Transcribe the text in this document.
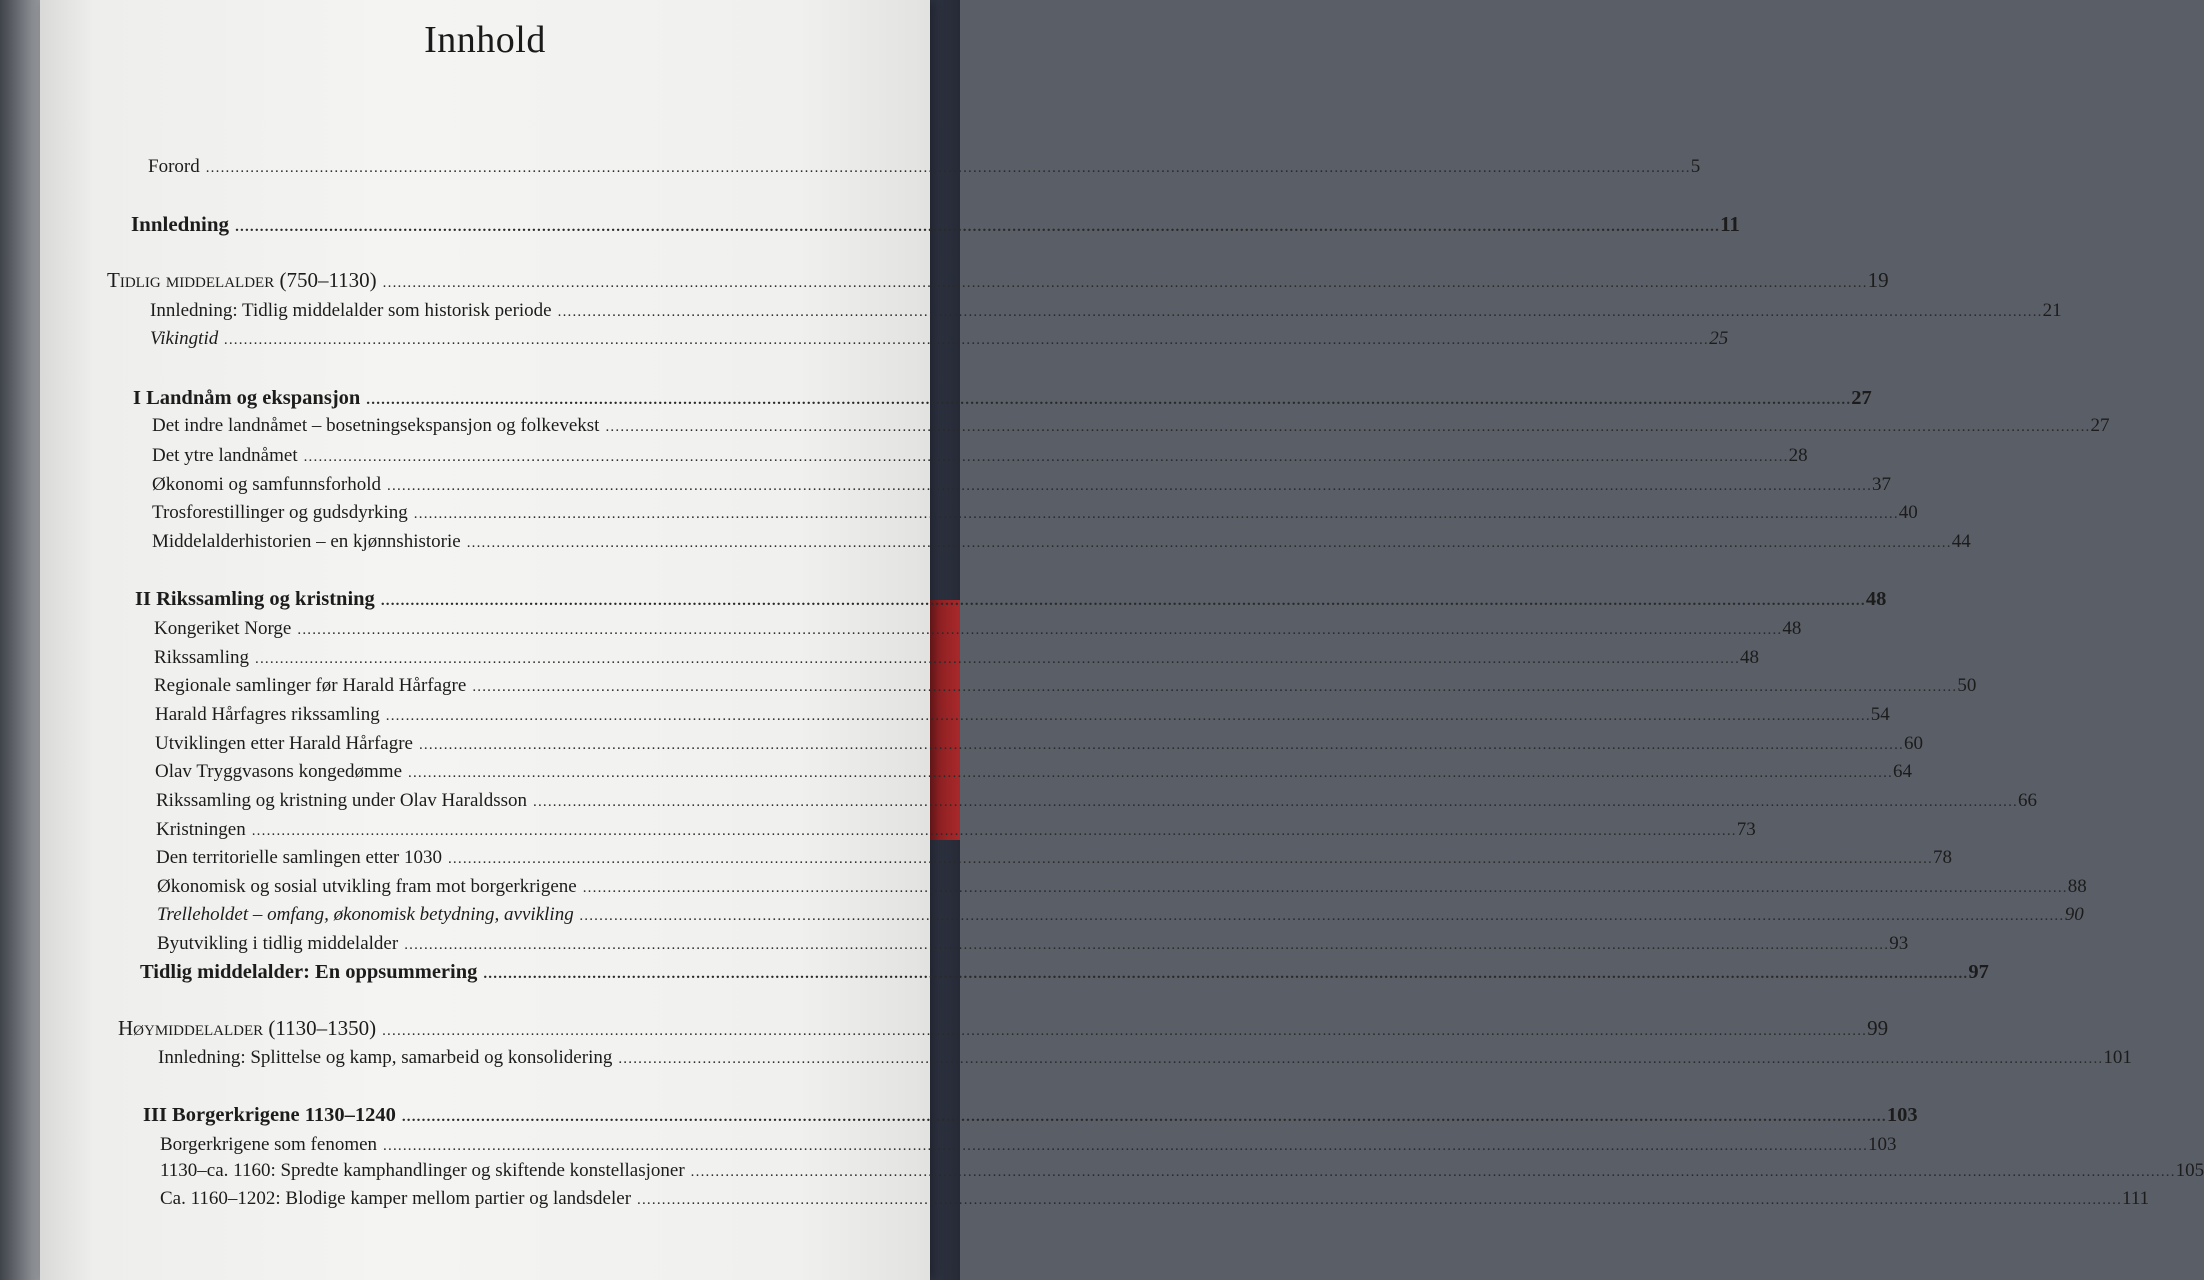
Innhold
Forord ............................................................................................................................................................................................................................................................................................................ 5
Innledning ............................................................................................................................................................................................................................................................................................................ 11
Tidlig middelalder (750–1130) ............................................................................................................................................................................................................................................................................................................ 19
Innledning: Tidlig middelalder som historisk periode ............................................................................................................................................................................................................................................................................................................ 21
Vikingtid ............................................................................................................................................................................................................................................................................................................ 25
I Landnåm og ekspansjon ............................................................................................................................................................................................................................................................................................................ 27
Det indre landnåmet – bosetningsekspansjon og folkevekst ............................................................................................................................................................................................................................................................................................................ 27
Det ytre landnåmet ............................................................................................................................................................................................................................................................................................................ 28
Økonomi og samfunnsforhold ............................................................................................................................................................................................................................................................................................................ 37
Trosforestillinger og gudsdyrking ............................................................................................................................................................................................................................................................................................................ 40
Middelalderhistorien – en kjønnshistorie ............................................................................................................................................................................................................................................................................................................ 44
II Rikssamling og kristning ............................................................................................................................................................................................................................................................................................................ 48
Kongeriket Norge ............................................................................................................................................................................................................................................................................................................ 48
Rikssamling ............................................................................................................................................................................................................................................................................................................ 48
Regionale samlinger før Harald Hårfagre ............................................................................................................................................................................................................................................................................................................ 50
Harald Hårfagres rikssamling ............................................................................................................................................................................................................................................................................................................ 54
Utviklingen etter Harald Hårfagre ............................................................................................................................................................................................................................................................................................................ 60
Olav Tryggvasons kongedømme ............................................................................................................................................................................................................................................................................................................ 64
Rikssamling og kristning under Olav Haraldsson ............................................................................................................................................................................................................................................................................................................ 66
Kristningen ............................................................................................................................................................................................................................................................................................................ 73
Den territorielle samlingen etter 1030 ............................................................................................................................................................................................................................................................................................................ 78
Økonomisk og sosial utvikling fram mot borgerkrigene ............................................................................................................................................................................................................................................................................................................ 88
Trelleholdet – omfang, økonomisk betydning, avvikling ............................................................................................................................................................................................................................................................................................................ 90
Byutvikling i tidlig middelalder ............................................................................................................................................................................................................................................................................................................ 93
Tidlig middelalder: En oppsummering ............................................................................................................................................................................................................................................................................................................ 97
Høymiddelalder (1130–1350) ............................................................................................................................................................................................................................................................................................................ 99
Innledning: Splittelse og kamp, samarbeid og konsolidering ............................................................................................................................................................................................................................................................................................................ 101
III Borgerkrigene 1130–1240 ............................................................................................................................................................................................................................................................................................................ 103
Borgerkrigene som fenomen ............................................................................................................................................................................................................................................................................................................ 103
1130–ca. 1160: Spredte kamphandlinger og skiftende konstellasjoner ............................................................................................................................................................................................................................................................................................................ 105
Ca. 1160–1202: Blodige kamper mellom partier og landsdeler ............................................................................................................................................................................................................................................................................................................ 111
